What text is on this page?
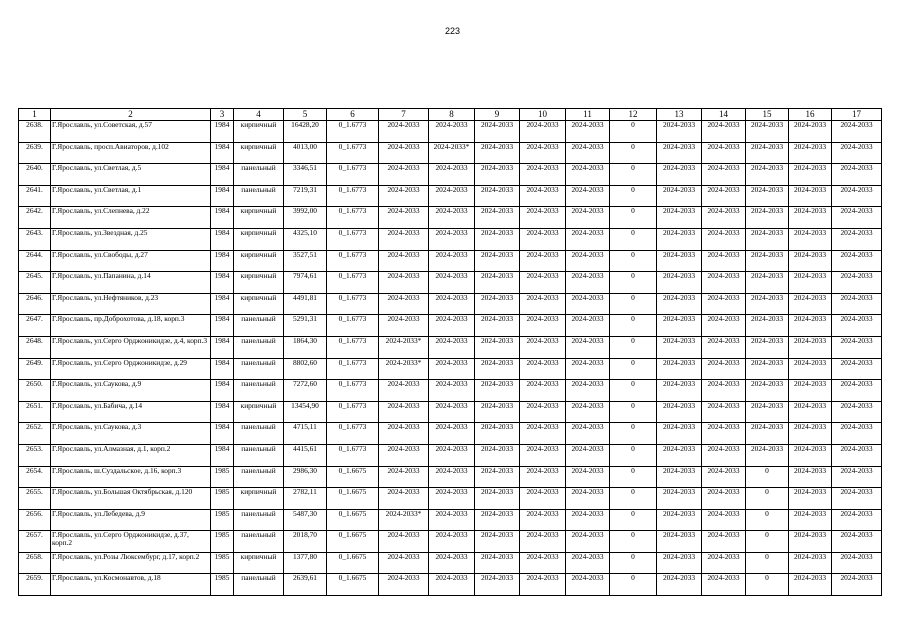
223
1	2	3	4	5	6	7	8	9	10	11	12	13	14	15	16	17
2638.	Г.Ярославль, ул.Советская, д.57	1984	кирпичный	16428,20	0_1.6773	2024-2033	2024-2033	2024-2033	2024-2033	2024-2033	0	2024-2033	2024-2033	2024-2033	2024-2033	2024-2033
2639.	Г.Ярославль, просп.Авиаторов, д.102	1984	кирпичный	4013,00	0_1.6773	2024-2033	2024-2033*	2024-2033	2024-2033	2024-2033	0	2024-2033	2024-2033	2024-2033	2024-2033	2024-2033
2640.	Г.Ярославль, ул.Светлая, д.5	1984	панельный	3346,51	0_1.6773	2024-2033	2024-2033	2024-2033	2024-2033	2024-2033	0	2024-2033	2024-2033	2024-2033	2024-2033	2024-2033
2641.	Г.Ярославль, ул.Светлая, д.1	1984	панельный	7219,31	0_1.6773	2024-2033	2024-2033	2024-2033	2024-2033	2024-2033	0	2024-2033	2024-2033	2024-2033	2024-2033	2024-2033
2642.	Г.Ярославль, ул.Слепнева, д.22	1984	кирпичный	3992,00	0_1.6773	2024-2033	2024-2033	2024-2033	2024-2033	2024-2033	0	2024-2033	2024-2033	2024-2033	2024-2033	2024-2033
2643.	Г.Ярославль, ул.Звездная, д.25	1984	кирпичный	4325,10	0_1.6773	2024-2033	2024-2033	2024-2033	2024-2033	2024-2033	0	2024-2033	2024-2033	2024-2033	2024-2033	2024-2033
2644.	Г.Ярославль, ул.Свободы, д.27	1984	кирпичный	3527,51	0_1.6773	2024-2033	2024-2033	2024-2033	2024-2033	2024-2033	0	2024-2033	2024-2033	2024-2033	2024-2033	2024-2033
2645.	Г.Ярославль, ул.Папанина, д.14	1984	кирпичный	7974,61	0_1.6773	2024-2033	2024-2033	2024-2033	2024-2033	2024-2033	0	2024-2033	2024-2033	2024-2033	2024-2033	2024-2033
2646.	Г.Ярославль, ул.Нефтяников, д.23	1984	кирпичный	4491,81	0_1.6773	2024-2033	2024-2033	2024-2033	2024-2033	2024-2033	0	2024-2033	2024-2033	2024-2033	2024-2033	2024-2033
2647.	Г.Ярославль, пр.Доброхотова, д.18, корп.3	1984	панельный	5291,31	0_1.6773	2024-2033	2024-2033	2024-2033	2024-2033	2024-2033	0	2024-2033	2024-2033	2024-2033	2024-2033	2024-2033
2648.	Г.Ярославль, ул.Серго Орджоникидзе, д.4, корп.3	1984	панельный	1864,30	0_1.6773	2024-2033*	2024-2033	2024-2033	2024-2033	2024-2033	0	2024-2033	2024-2033	2024-2033	2024-2033	2024-2033
2649.	Г.Ярославль, ул.Серго Орджоникидзе, д.29	1984	панельный	8802,60	0_1.6773	2024-2033*	2024-2033	2024-2033	2024-2033	2024-2033	0	2024-2033	2024-2033	2024-2033	2024-2033	2024-2033
2650.	Г.Ярославль, ул.Саукова, д.9	1984	панельный	7272,60	0_1.6773	2024-2033	2024-2033	2024-2033	2024-2033	2024-2033	0	2024-2033	2024-2033	2024-2033	2024-2033	2024-2033
2651.	Г.Ярославль, ул.Бабича, д.14	1984	кирпичный	13454,90	0_1.6773	2024-2033	2024-2033	2024-2033	2024-2033	2024-2033	0	2024-2033	2024-2033	2024-2033	2024-2033	2024-2033
2652.	Г.Ярославль, ул.Саукова, д.3	1984	панельный	4715,11	0_1.6773	2024-2033	2024-2033	2024-2033	2024-2033	2024-2033	0	2024-2033	2024-2033	2024-2033	2024-2033	2024-2033
2653.	Г.Ярославль, ул.Алмазная, д.1, корп.2	1984	панельный	4415,61	0_1.6773	2024-2033	2024-2033	2024-2033	2024-2033	2024-2033	0	2024-2033	2024-2033	2024-2033	2024-2033	2024-2033
2654.	Г.Ярославль, ш.Суздальское, д.16, корп.3	1985	панельный	2986,30	0_1.6675	2024-2033	2024-2033	2024-2033	2024-2033	2024-2033	0	2024-2033	2024-2033	0	2024-2033	2024-2033
2655.	Г.Ярославль, ул.Большая Октябрьская, д.120	1985	кирпичный	2782,11	0_1.6675	2024-2033	2024-2033	2024-2033	2024-2033	2024-2033	0	2024-2033	2024-2033	0	2024-2033	2024-2033
2656.	Г.Ярославль, ул.Лебедева, д.9	1985	панельный	5487,30	0_1.6675	2024-2033*	2024-2033	2024-2033	2024-2033	2024-2033	0	2024-2033	2024-2033	0	2024-2033	2024-2033
2657.	Г.Ярославль, ул.Серго Орджоникидзе, д.37, корп.2	1985	панельный	2018,70	0_1.6675	2024-2033	2024-2033	2024-2033	2024-2033	2024-2033	0	2024-2033	2024-2033	0	2024-2033	2024-2033
2658.	Г.Ярославль, ул.Розы Люксембург, д.17, корп.2	1985	кирпичный	1377,80	0_1.6675	2024-2033	2024-2033	2024-2033	2024-2033	2024-2033	0	2024-2033	2024-2033	0	2024-2033	2024-2033
2659.	Г.Ярославль, ул.Космонавтов, д.18	1985	панельный	2639,61	0_1.6675	2024-2033	2024-2033	2024-2033	2024-2033	2024-2033	0	2024-2033	2024-2033	0	2024-2033	2024-2033
